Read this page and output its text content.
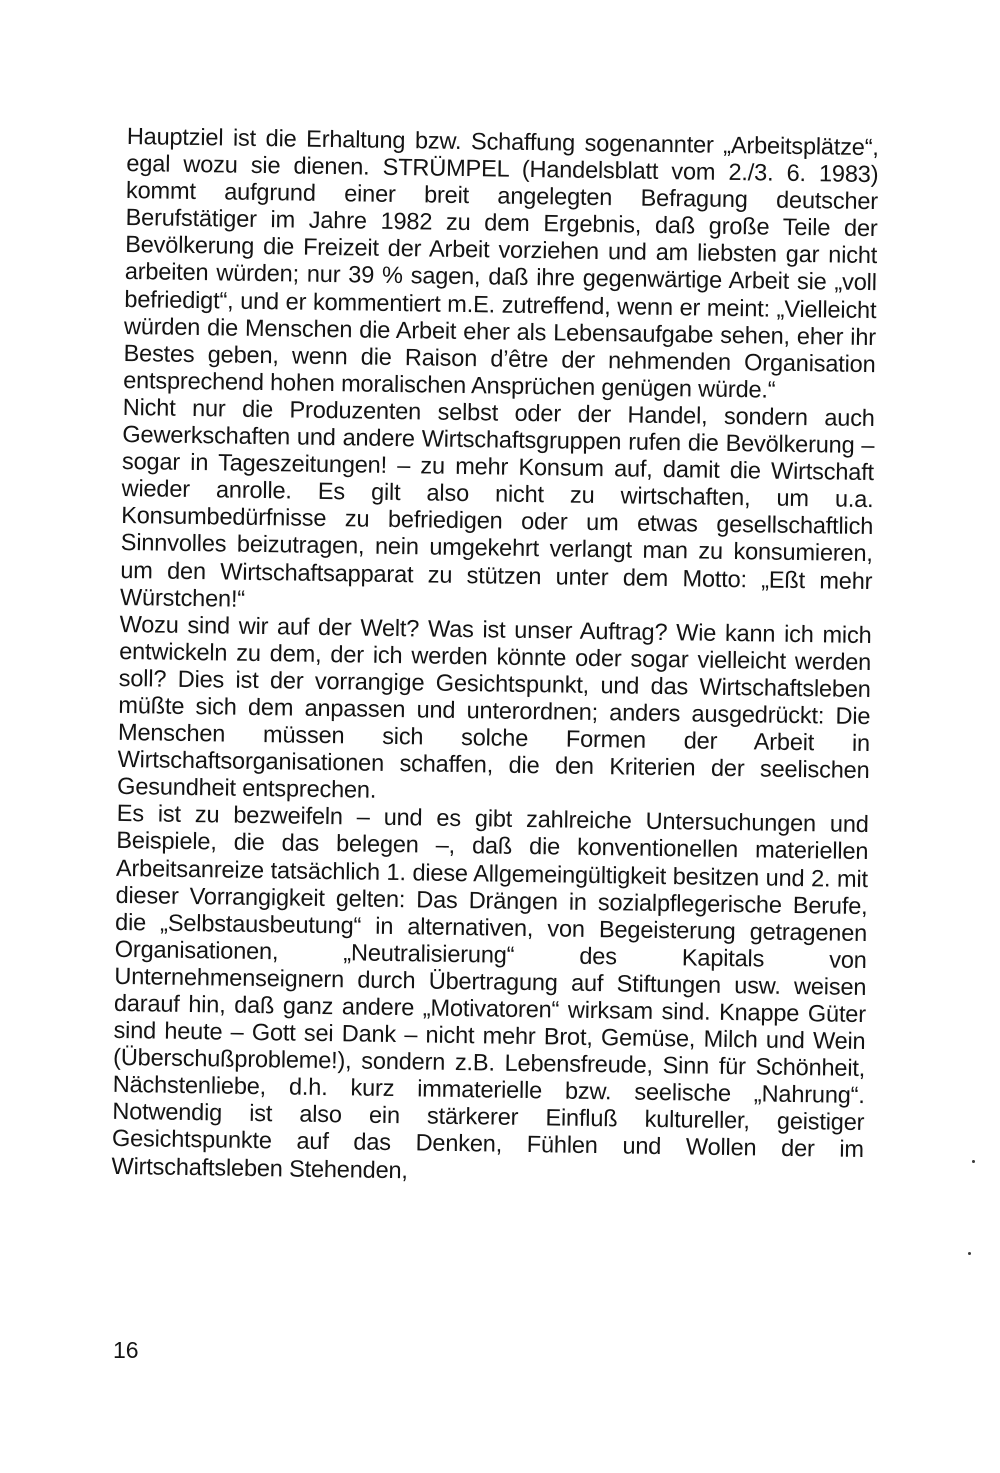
Hauptziel ist die Erhaltung bzw. Schaffung sogenannter „Arbeitsplätze“, egal wozu sie dienen. STRÜMPEL (Handelsblatt vom 2./3. 6. 1983) kommt aufgrund einer breit angelegten Befragung deutscher Berufstätiger im Jahre 1982 zu dem Ergebnis, daß große Teile der Bevölkerung die Freizeit der Arbeit vorziehen und am liebsten gar nicht arbeiten würden; nur 39 % sagen, daß ihre gegenwärtige Arbeit sie „voll befriedigt“, und er kommentiert m.E. zutreffend, wenn er meint: „Vielleicht würden die Menschen die Arbeit eher als Lebensaufgabe sehen, eher ihr Bestes geben, wenn die Raison d’être der nehmenden Organisation entsprechend hohen moralischen Ansprüchen genügen würde.“

Nicht nur die Produzenten selbst oder der Handel, sondern auch Gewerkschaften und andere Wirtschaftsgruppen rufen die Bevölkerung – sogar in Tageszeitungen! – zu mehr Konsum auf, damit die Wirtschaft wieder anrolle. Es gilt also nicht zu wirtschaften, um u.a. Konsumbedürfnisse zu befriedigen oder um etwas gesellschaftlich Sinnvolles beizutragen, nein umgekehrt verlangt man zu konsumieren, um den Wirtschaftsapparat zu stützen unter dem Motto: „Eßt mehr Würstchen!“

Wozu sind wir auf der Welt? Was ist unser Auftrag? Wie kann ich mich entwickeln zu dem, der ich werden könnte oder sogar vielleicht werden soll? Dies ist der vorrangige Gesichtspunkt, und das Wirtschaftsleben müßte sich dem anpassen und unterordnen; anders ausgedrückt: Die Menschen müssen sich solche Formen der Arbeit in Wirtschaftsorganisationen schaffen, die den Kriterien der seelischen Gesundheit entsprechen.

Es ist zu bezweifeln – und es gibt zahlreiche Untersuchungen und Beispiele, die das belegen –, daß die konventionellen materiellen Arbeitsanreize tatsächlich 1. diese Allgemeingültigkeit besitzen und 2. mit dieser Vorrangigkeit gelten: Das Drängen in sozialpflegerische Berufe, die „Selbstausbeutung“ in alternativen, von Begeisterung getragenen Organisationen, „Neutralisierung“ des Kapitals von Unternehmenseignern durch Übertragung auf Stiftungen usw. weisen darauf hin, daß ganz andere „Motivatoren“ wirksam sind. Knappe Güter sind heute – Gott sei Dank – nicht mehr Brot, Gemüse, Milch und Wein (Überschußprobleme!), sondern z.B. Lebensfreude, Sinn für Schönheit, Nächstenliebe, d.h. kurz immaterielle bzw. seelische „Nahrung“. Notwendig ist also ein stärkerer Einfluß kultureller, geistiger Gesichtspunkte auf das Denken, Fühlen und Wollen der im Wirtschaftsleben Stehenden,

16
